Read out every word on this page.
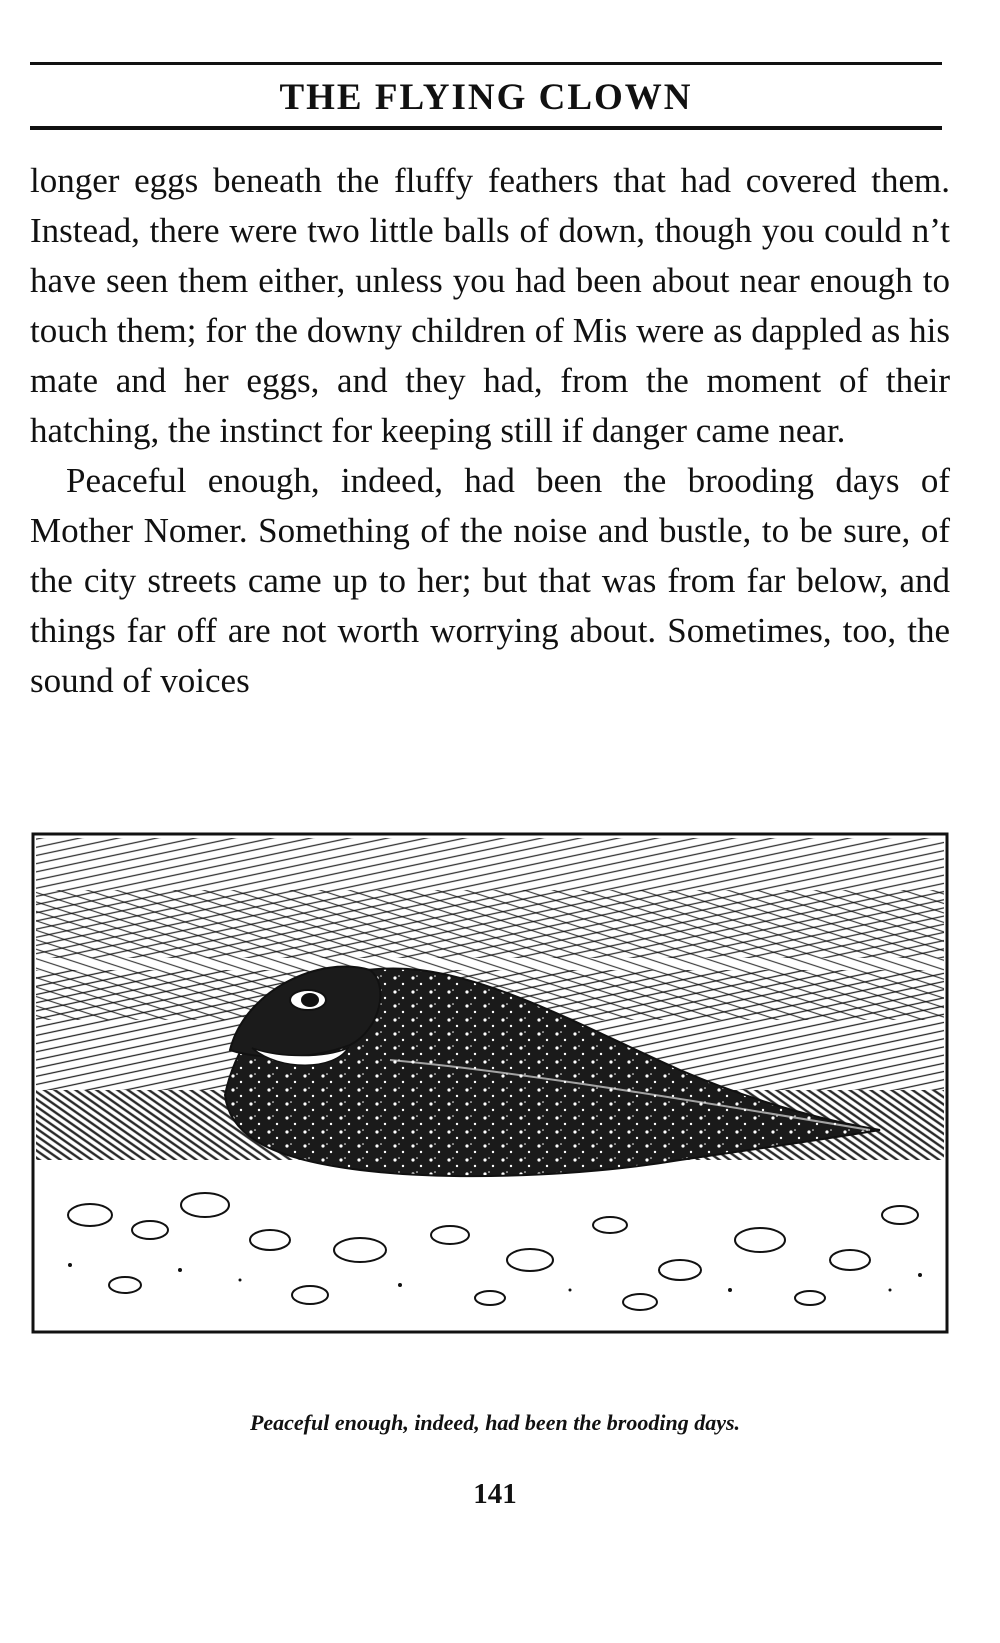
THE FLYING CLOWN

longer eggs beneath the fluffy feathers that had covered them. Instead, there were two little balls of down, though you could n’t have seen them either, unless you had been about near enough to touch them; for the downy children of Mis were as dappled as his mate and her eggs, and they had, from the moment of their hatching, the instinct for keeping still if danger came near.

Peaceful enough, indeed, had been the brooding days of Mother Nomer. Something of the noise and bustle, to be sure, of the city streets came up to her; but that was from far below, and things far off are not worth worrying about. Sometimes, too, the sound of voices

Peaceful enough, indeed, had been the brooding days.
141
